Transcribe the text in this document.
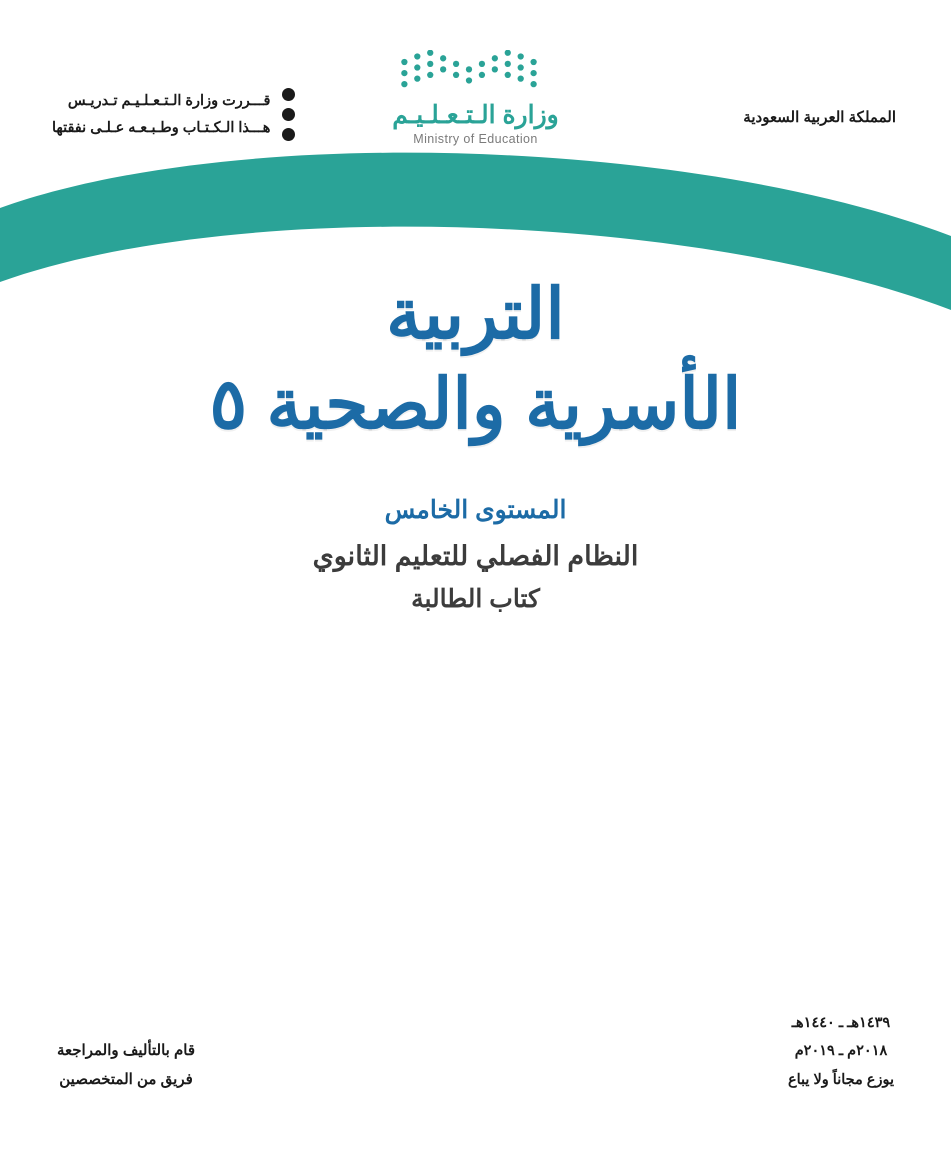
قـــررت وزارة الـتـعـلـيـم تـدريـس
هـــذا الـكـتـاب وطـبـعـه عـلـى نفقتها	وزارة الـتـعـلـيـم
Ministry of Education
المملكة العربية السعودية
التربية
الأسرية والصحية ٥
المستوى الخامس
النظام الفصلي للتعليم الثانوي
كتاب الطالبة
١٤٣٩هـ ـ ١٤٤٠هـ
٢٠١٨م ـ ٢٠١٩م
يوزع مجاناً ولا يباع
قام بالتأليف والمراجعة
فريق من المتخصصين
